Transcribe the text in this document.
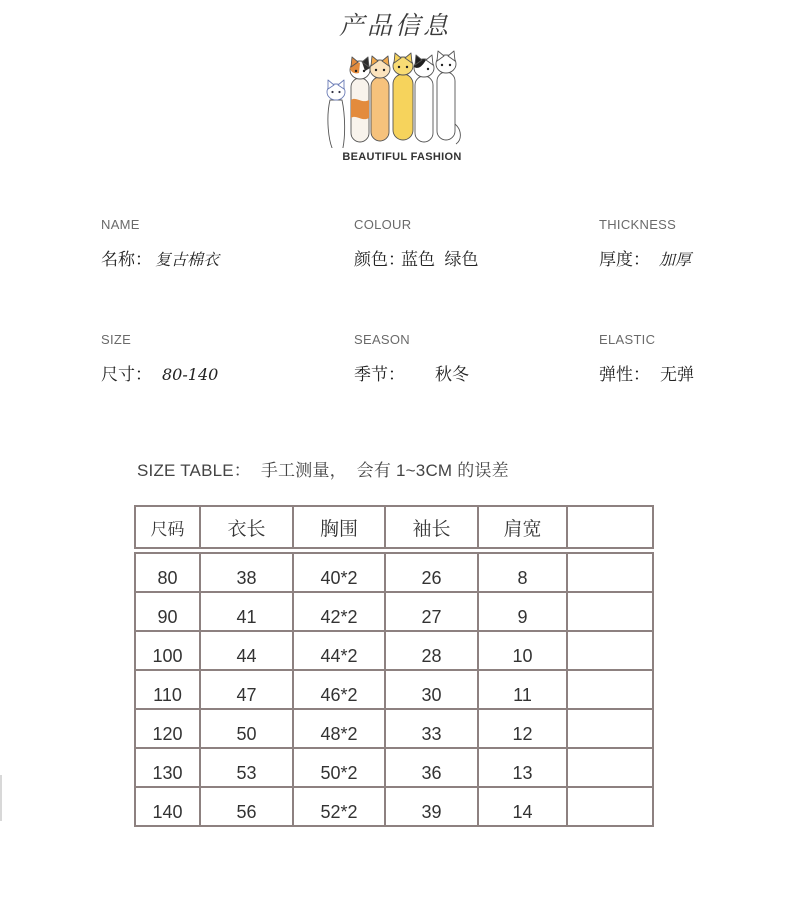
产品信息
BEAUTIFUL FASHION
NAME
名称： 复古棉衣
COLOUR
颜色：蓝色  绿色
THICKNESS
厚度： 加厚
SIZE
尺寸： 80-140
SEASON
季节： 秋冬
ELASTIC
弹性： 无弹
SIZE TABLE：  手工测量，  会有 1~3CM 的误差
尺码	衣长	胸围	袖长	肩宽	
80	38	40*2	26	8	
90	41	42*2	27	9	
100	44	44*2	28	10	
110	47	46*2	30	11	
120	50	48*2	33	12	
130	53	50*2	36	13	
140	56	52*2	39	14	
